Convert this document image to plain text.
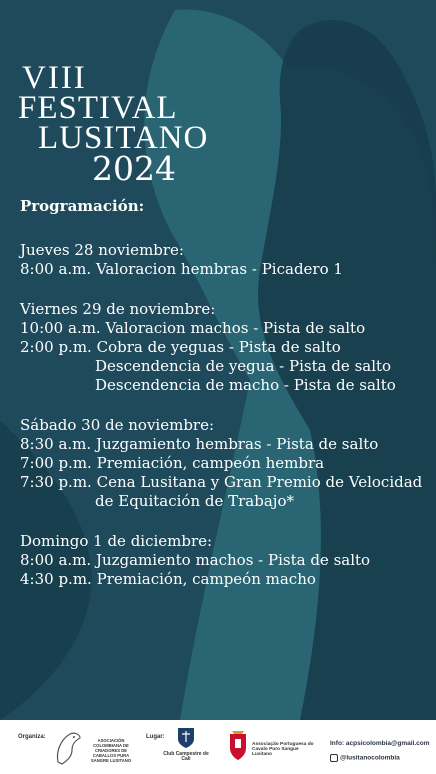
VIII
FESTIVAL
LUSITANO
2024
Programación:
Jueves 28 noviembre:
8:00 a.m. Valoracion hembras - Picadero 1
Viernes 29 de noviembre:
10:00 a.m. Valoracion machos - Pista de salto
2:00 p.m. Cobra de yeguas - Pista de salto
Descendencia de yegua - Pista de salto
Descendencia de macho - Pista de salto
Sábado 30 de noviembre:
8:30 a.m. Juzgamiento hembras - Pista de salto
7:00 p.m. Premiación, campeón hembra
7:30 p.m. Cena Lusitana y Gran Premio de Velocidad
de Equitación de Trabajo*
Domingo 1 de diciembre:
8:00 a.m. Juzgamiento machos - Pista de salto
4:30 p.m. Premiación, campeón macho
Organiza:
ASOCIACIÓN COLOMBIANA DE CRIADORES DE CABALLOS PURA SANGRE LUSITANO
Lugar:
Club Campestre de Cali
Associação Portuguesa do Cavalo Puro Sangue Lusitano
Info: acpsicolombia@gmail.com
@lusitanocolombia
